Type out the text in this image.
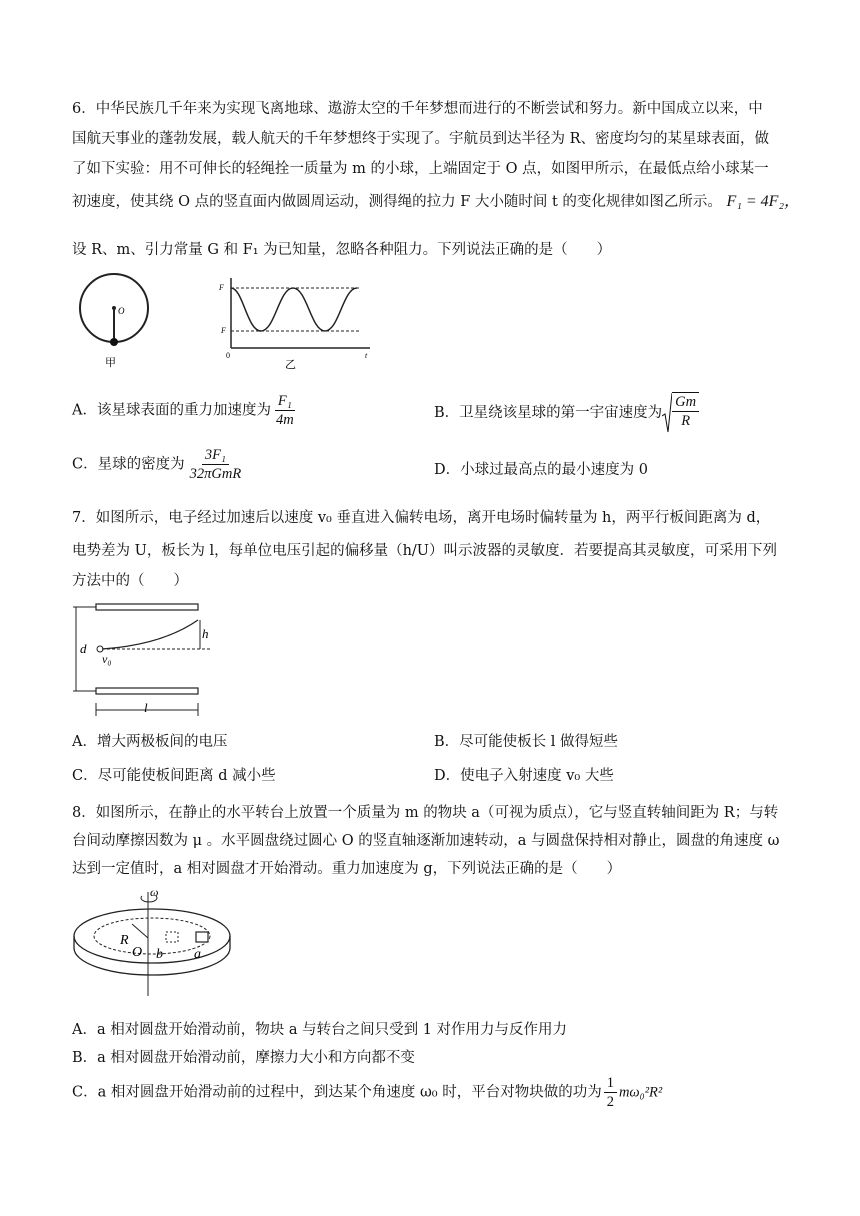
6．中华民族几千年来为实现飞离地球、遨游太空的千年梦想而进行的不断尝试和努力。新中国成立以来，中
国航天事业的蓬勃发展，载人航天的千年梦想终于实现了。宇航员到达半径为 R、密度均匀的某星球表面，做
了如下实验：用不可伸长的轻绳拴一质量为 m 的小球，上端固定于 O 点，如图甲所示，在最低点给小球某一
初速度，使其绕 O 点的竖直面内做圆周运动，测得绳的拉力 F 大小随时间 t 的变化规律如图乙所示。 F₁ = 4F₂，
设 R、m、引力常量 G 和 F₁ 为已知量，忽略各种阻力。下列说法正确的是（　　）
O
甲
F
F
0	t
乙
A．该星球表面的重力加速度为 $\frac{\text{F₁}}{4m}$	B．卫星绕该星球的第一宇宙速度为 $\frac{Gm}{R}$
C．星球的密度为 $\frac{\text{3F₁}}{\text{32πGmR}}$	D．小球过最高点的最小速度为 0
7．如图所示，电子经过加速后以速度 v₀ 垂直进入偏转电场，离开电场时偏转量为 h，两平行板间距离为 d，
电势差为 U，板长为 l，每单位电压引起的偏移量（h/U）叫示波器的灵敏度．若要提高其灵敏度，可采用下列
方法中的（　　）
d
h
v₀
l
A．增大两极板间的电压	B．尽可能使板长 l 做得短些
C．尽可能使板间距离 d 减小些	D．使电子入射速度 v₀ 大些
8．如图所示，在静止的水平转台上放置一个质量为 m 的物块 a（可视为质点），它与竖直转轴间距为 R；与转
台间动摩擦因数为 μ 。水平圆盘绕过圆心 O 的竖直轴逐渐加速转动，a 与圆盘保持相对静止，圆盘的角速度 ω
达到一定值时，a 相对圆盘才开始滑动。重力加速度为 g，下列说法正确的是（　　）
ω
R
O b a
A．a 相对圆盘开始滑动前，物块 a 与转台之间只受到 1 对作用力与反作用力
B．a 相对圆盘开始滑动前，摩擦力大小和方向都不变
C．a 相对圆盘开始滑动前的过程中，到达某个角速度 ω₀ 时，平台对物块做的功为 $\frac{1}{2} m\omega_0^2R^2$
